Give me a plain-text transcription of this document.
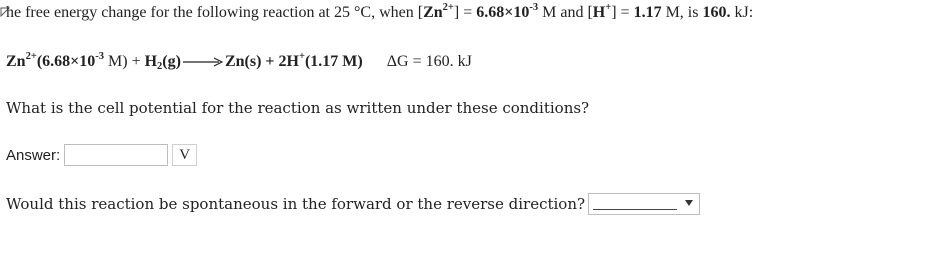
he free energy change for the following reaction at 25 °C, when $[Zn^{2+}] = 6.68\times 10^{-3}$ M and [H+] = 1.17 M, is 160. kJ:
$Zn^{2+}(6.68\times 10^{-3}$ $M) + H_2(g) \to Zn(s) + 2H^+(1.17$ M) ΔG = 160. kJ
What is the cell potential for the reaction as written under these conditions?
Answer:	V
Would this reaction be spontaneous in the forward or the reverse direction?
